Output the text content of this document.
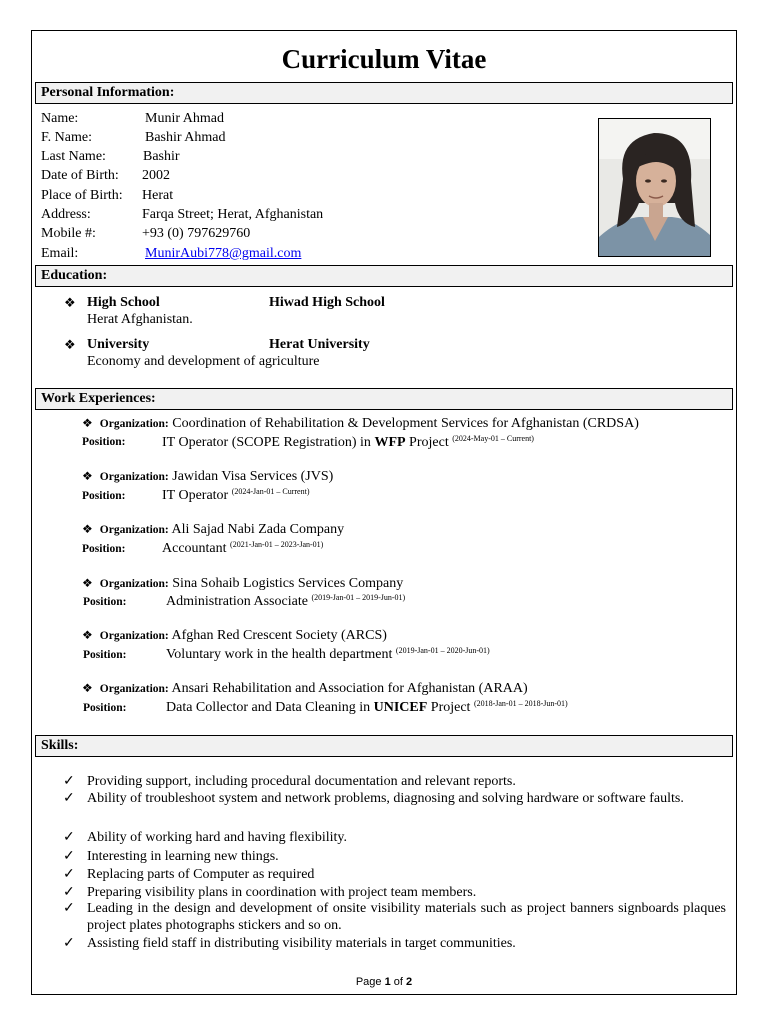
Curriculum Vitae
Personal Information:
Name:	Munir Ahmad
F. Name:	Bashir Ahmad
Last Name:	Bashir
Date of Birth: 2002
Place of Birth: Herat
Address:	Farqa Street; Herat, Afghanistan
Mobile #:	+93 (0) 797629760
Email:	MunirAubi778@gmail.com
Education:
❖ High School	Hiwad High School
Herat Afghanistan.
❖ University	Herat University
Economy and development of agriculture
Work Experiences:
❖ Organization: Coordination of Rehabilitation & Development Services for Afghanistan (CRDSA)
Position:	IT Operator (SCOPE Registration) in WFP Project $^{(2024-May-01 - Current)}$
❖ Organization: Jawidan Visa Services (JVS)
Position:	IT Operator $^{(2024-Jan-01 - Current)}$
❖ Organization: Ali Sajad Nabi Zada Company
Position:	Accountant $^{(2021-Jan-01 - 2023-Jan-01)}$
❖ Organization: Sina Sohaib Logistics Services Company
Position:	Administration Associate $^{(2019-Jan-01 - 2019-Jun-01)}$
❖ Organization: Afghan Red Crescent Society (ARCS)
Position:	Voluntary work in the health department $^{(2019-Jan-01 - 2020-Jun-01)}$
❖ Organization: Ansari Rehabilitation and Association for Afghanistan (ARAA)
Position:	Data Collector and Data Cleaning in UNICEF Project $^{(2018-Jan-01 - 2018-Jun-01)}$
Skills:
✓ Providing support, including procedural documentation and relevant reports.
✓ Ability of troubleshoot system and network problems, diagnosing and solving hardware or software faults.
✓ Ability of working hard and having flexibility.
✓ Interesting in learning new things.
✓ Replacing parts of Computer as required
✓ Preparing visibility plans in coordination with project team members.
✓ Leading in the design and development of onsite visibility materials such as project banners signboards plaques project plates photographs stickers and so on.
✓ Assisting field staff in distributing visibility materials in target communities.
Page 1 of 2
